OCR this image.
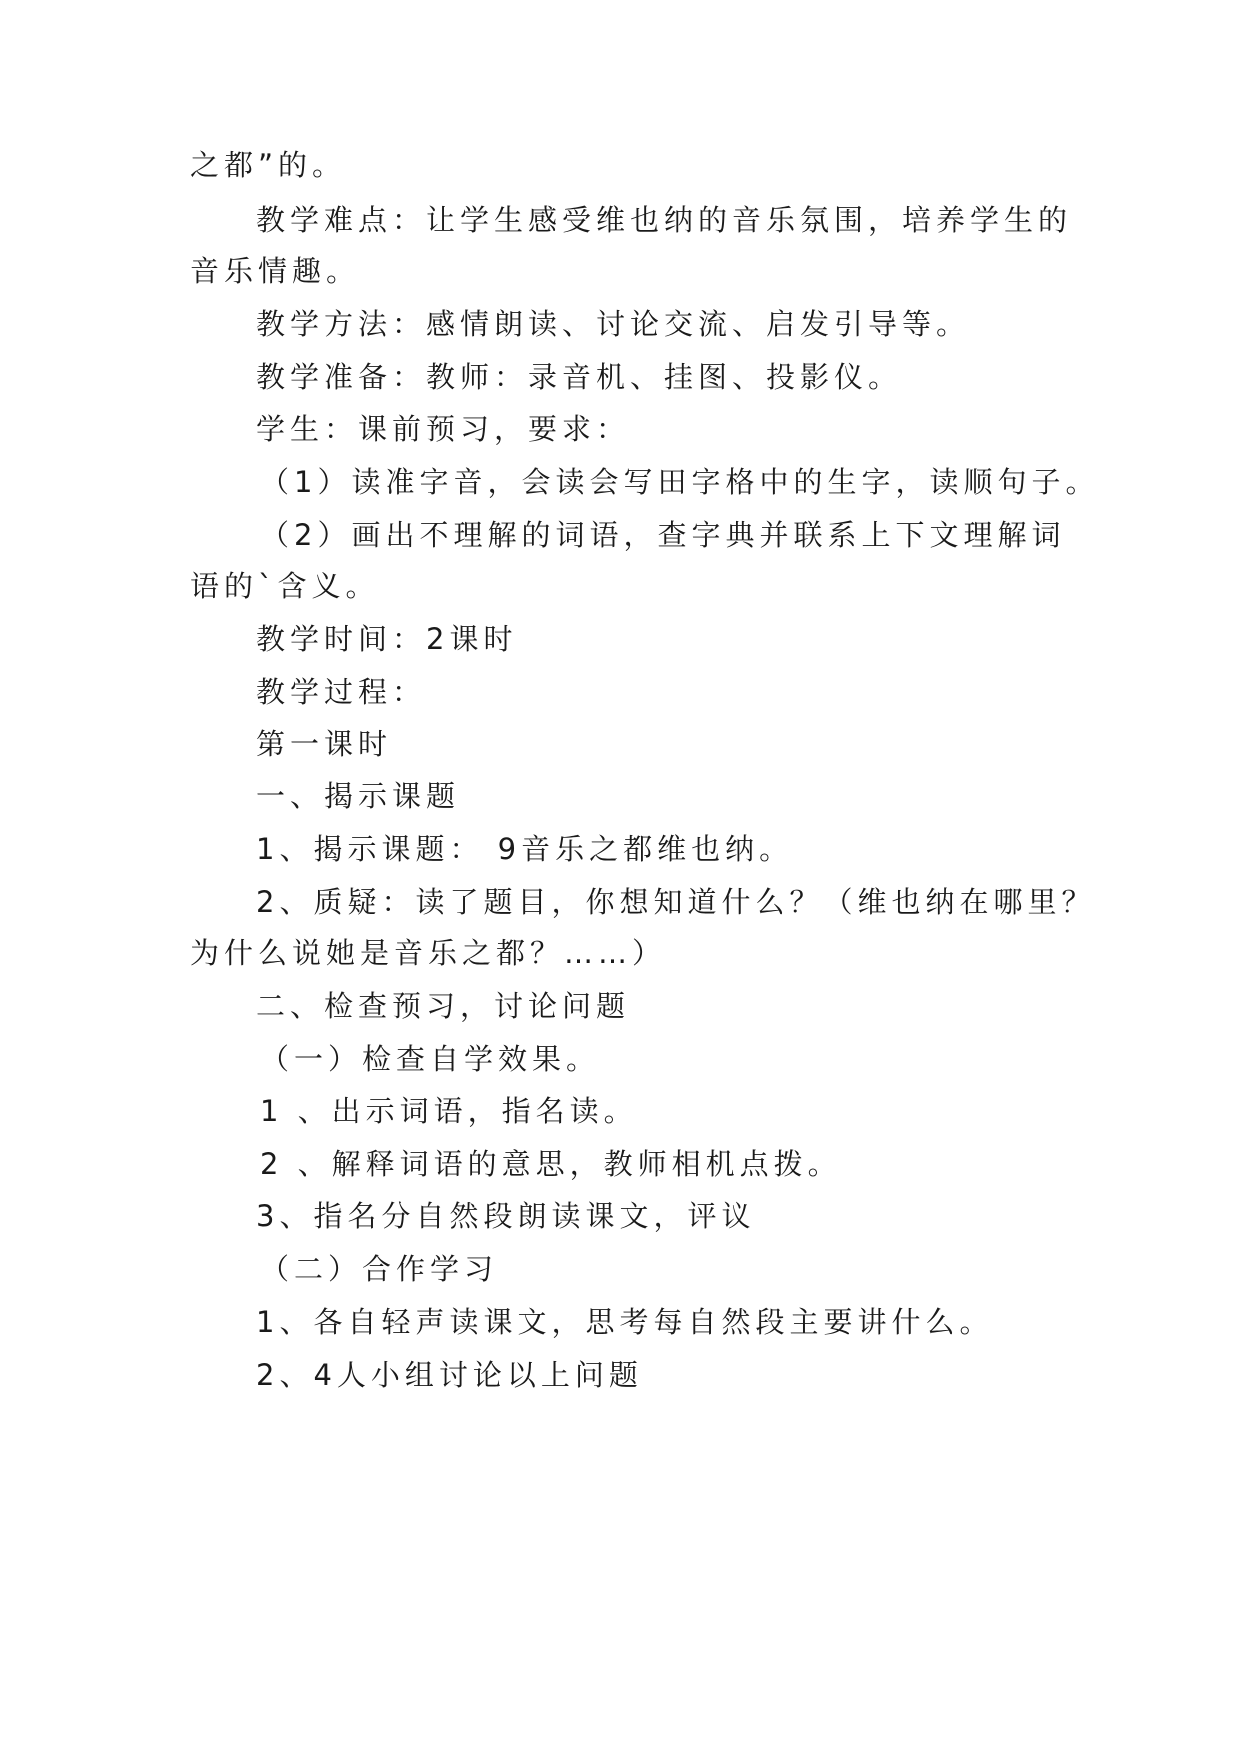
之都”的。
教学难点：让学生感受维也纳的音乐氛围，培养学生的
音乐情趣。
教学方法：感情朗读、讨论交流、启发引导等。
教学准备：教师：录音机、挂图、投影仪。
学生：课前预习，要求：
（1）读准字音，会读会写田字格中的生字，读顺句子。
（2）画出不理解的词语，查字典并联系上下文理解词
语的`含义。
教学时间：2课时
教学过程：
第一课时
一、揭示课题
1、揭示课题： 9音乐之都维也纳。
2、质疑：读了题目，你想知道什么？（维也纳在哪里？
为什么说她是音乐之都？……）
二、检查预习，讨论问题
（一）检查自学效果。
1 、出示词语，指名读。
2 、解释词语的意思，教师相机点拨。
3、指名分自然段朗读课文，评议
（二）合作学习
1、各自轻声读课文，思考每自然段主要讲什么。
2、4人小组讨论以上问题
